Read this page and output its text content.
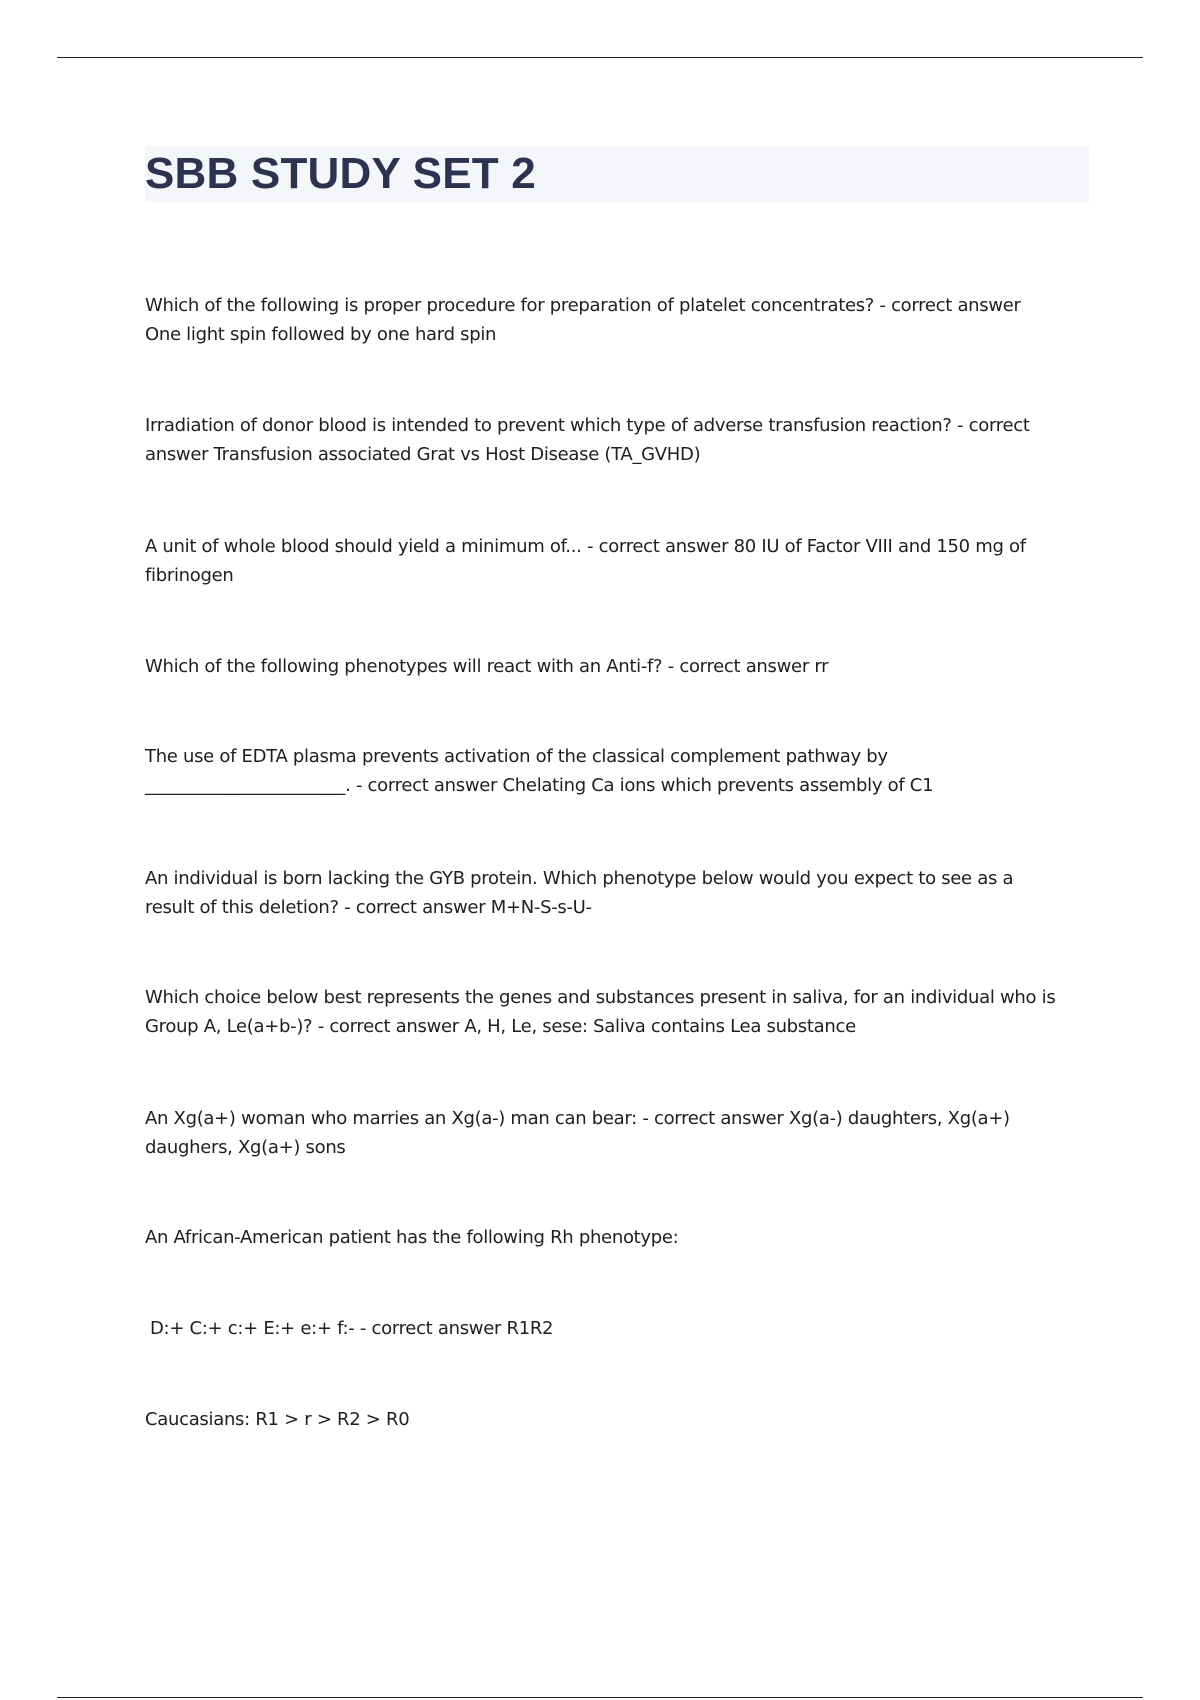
SBB STUDY SET 2

Which of the following is proper procedure for preparation of platelet concentrates? - correct answer
One light spin followed by one hard spin

Irradiation of donor blood is intended to prevent which type of adverse transfusion reaction? - correct
answer Transfusion associated Grat vs Host Disease (TA_GVHD)

A unit of whole blood should yield a minimum of... - correct answer 80 IU of Factor VIII and 150 mg of
fibrinogen

Which of the following phenotypes will react with an Anti-f? - correct answer rr

The use of EDTA plasma prevents activation of the classical complement pathway by
_______________________. - correct answer Chelating Ca ions which prevents assembly of C1

An individual is born lacking the GYB protein. Which phenotype below would you expect to see as a
result of this deletion? - correct answer M+N-S-s-U-

Which choice below best represents the genes and substances present in saliva, for an individual who is
Group A, Le(a+b-)? - correct answer A, H, Le, sese: Saliva contains Lea substance

An Xg(a+) woman who marries an Xg(a-) man can bear: - correct answer Xg(a-) daughters, Xg(a+)
daughers, Xg(a+) sons

An African-American patient has the following Rh phenotype:

D:+ C:+ c:+ E:+ e:+ f:- - correct answer R1R2

Caucasians: R1 > r > R2 > R0
